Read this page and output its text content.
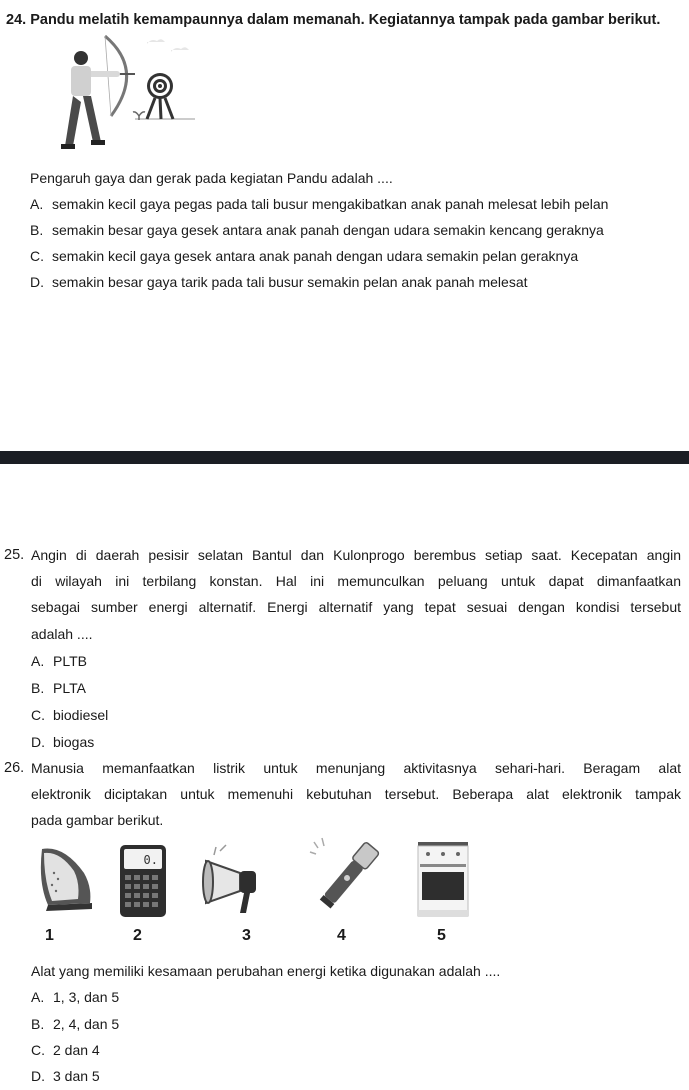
24. Pandu melatih kemampaunnya dalam memanah. Kegiatannya tampak pada gambar berikut.
Pengaruh gaya dan gerak pada kegiatan Pandu adalah ....
A. semakin kecil gaya pegas pada tali busur mengakibatkan anak panah melesat lebih pelan
B. semakin besar gaya gesek antara anak panah dengan udara semakin kencang geraknya
C. semakin kecil gaya gesek antara anak panah dengan udara semakin pelan geraknya
D. semakin besar gaya tarik pada tali busur semakin pelan anak panah melesat
25. Angin di daerah pesisir selatan Bantul dan Kulonprogo berembus setiap saat. Kecepatan angin
di wilayah ini terbilang konstan. Hal ini memunculkan peluang untuk dapat dimanfaatkan
sebagai sumber energi alternatif. Energi alternatif yang tepat sesuai dengan kondisi tersebut
adalah ....
A. PLTB
B. PLTA
C. biodiesel
D. biogas
26. Manusia memanfaatkan listrik untuk menunjang aktivitasnya sehari-hari. Beragam alat
elektronik diciptakan untuk memenuhi kebutuhan tersebut. Beberapa alat elektronik tampak
pada gambar berikut.
0.
1	2	3	4	5
Alat yang memiliki kesamaan perubahan energi ketika digunakan adalah ....
A. 1, 3, dan 5
B. 2, 4, dan 5
C. 2 dan 4
D. 3 dan 5
